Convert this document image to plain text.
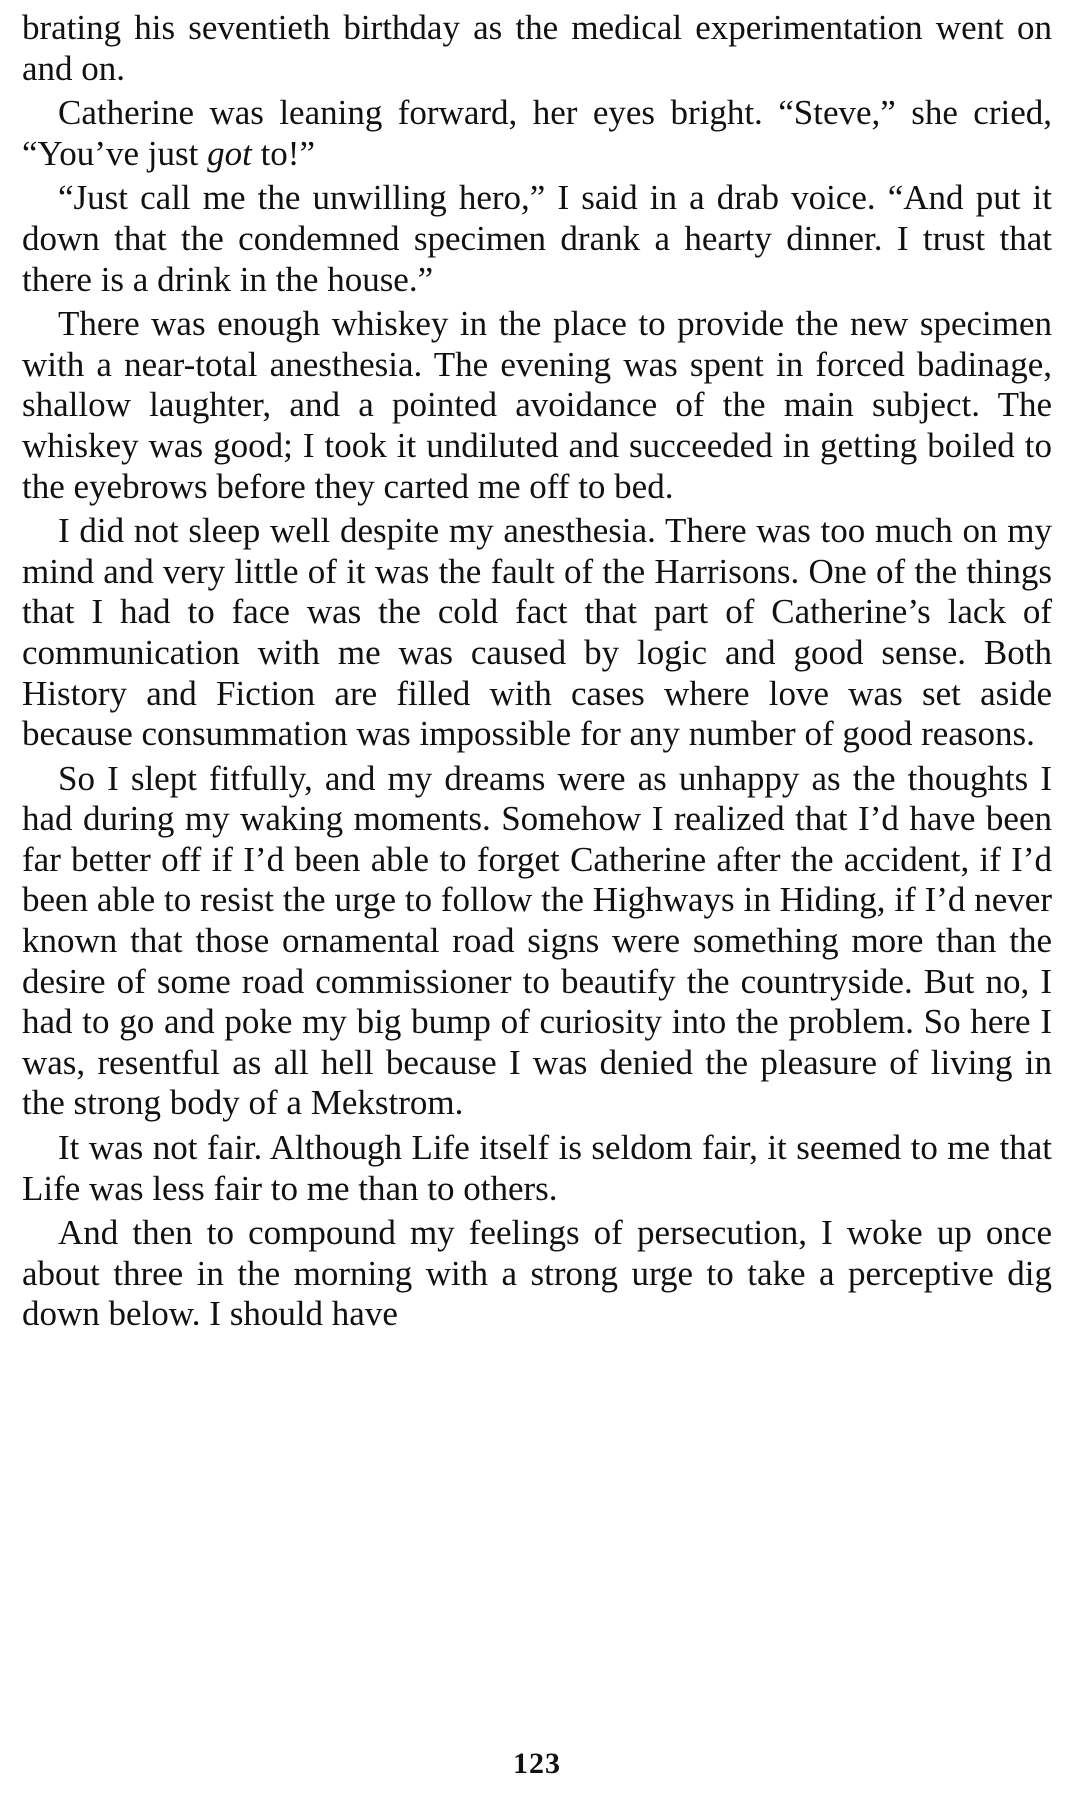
brating his seventieth birthday as the medical experimentation went on and on.

Catherine was leaning forward, her eyes bright. “Steve,” she cried, “You’ve just got to!”

“Just call me the unwilling hero,” I said in a drab voice. “And put it down that the condemned specimen drank a hearty dinner. I trust that there is a drink in the house.”

There was enough whiskey in the place to provide the new specimen with a near-total anesthesia. The evening was spent in forced badinage, shallow laughter, and a pointed avoidance of the main subject. The whiskey was good; I took it undiluted and succeeded in getting boiled to the eyebrows before they carted me off to bed.

I did not sleep well despite my anesthesia. There was too much on my mind and very little of it was the fault of the Harrisons. One of the things that I had to face was the cold fact that part of Catherine’s lack of communication with me was caused by logic and good sense. Both History and Fiction are filled with cases where love was set aside because consummation was impossible for any number of good reasons.

So I slept fitfully, and my dreams were as unhappy as the thoughts I had during my waking moments. Somehow I realized that I’d have been far better off if I’d been able to forget Catherine after the accident, if I’d been able to resist the urge to follow the Highways in Hiding, if I’d never known that those ornamental road signs were something more than the desire of some road commissioner to beautify the countryside. But no, I had to go and poke my big bump of curiosity into the problem. So here I was, resentful as all hell because I was denied the pleasure of living in the strong body of a Mekstrom.

It was not fair. Although Life itself is seldom fair, it seemed to me that Life was less fair to me than to others.

And then to compound my feelings of persecution, I woke up once about three in the morning with a strong urge to take a perceptive dig down below. I should have

123
